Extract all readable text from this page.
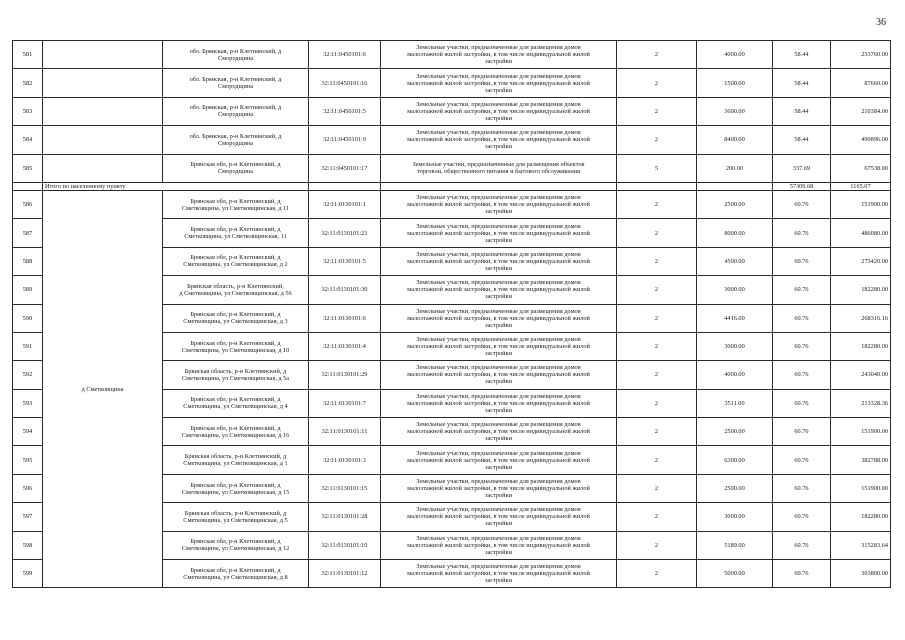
36
581		обл. Брянская, р-н Клетнянский, д
Смородщина	32:11:0450101:6	Земельные участки, предназначенные для размещения домов
малоэтажной жилой застройки, в том числе индивидуальной жилой
застройки	2	4000.00	58.44	233760.00	
582		обл. Брянская, р-н Клетнянский, д
Смородщина	32:11:0450101:16	Земельные участки, предназначенные для размещения домов
малоэтажной жилой застройки, в том числе индивидуальной жилой
застройки	2	1500.00	58.44	87660.00	
583		обл. Брянская, р-н Клетнянский, д
Смородщина	32:11:0450101:5	Земельные участки, предназначенные для размещения домов
малоэтажной жилой застройки, в том числе индивидуальной жилой
застройки	2	3600.00	58.44	210384.00	
584		обл. Брянская, р-н Клетнянский, д
Смородщина	32:11:0450101:9	Земельные участки, предназначенные для размещения домов
малоэтажной жилой застройки, в том числе индивидуальной жилой
застройки	2	8400.00	58.44	490896.00	
585		Брянская обл, р-н Клетнянский, д
Смородщина	32:11:0450101:17	Земельные участки, предназначенные для размещения объектов
торговли, общественного питания и бытового обслуживания	5	200.00	337.69	67538.00	
	Итого по населенному пункту						57309.68	1165.07	
586	д Сметковщина	Брянская обл, р-н Клетнянский, д
Сметковщина, ул Сметковщинская, д 11	32:11:0130101:1	Земельные участки, предназначенные для размещения домов
малоэтажной жилой застройки, в том числе индивидуальной жилой
застройки	2	2500.00	60.76	151900.00	
587		Брянская обл, р-н Клетнянский, д
Сметковщина, ул Сметковщинская, 11	32:11:0130101:23	Земельные участки, предназначенные для размещения домов
малоэтажной жилой застройки, в том числе индивидуальной жилой
застройки	2	8000.00	60.76	486080.00	
588		Брянская обл, р-н Клетнянский, д
Сметковщина, ул Сметковщинская, д 2	32:11:0130101:5	Земельные участки, предназначенные для размещения домов
малоэтажной жилой застройки, в том числе индивидуальной жилой
застройки	2	4500.00	60.76	273420.00	
589		Брянская область, р-н Клетнянский,
д Сметковщина, ул Сметковщинская, д 56	32:11:0130101:30	Земельные участки, предназначенные для размещения домов
малоэтажной жилой застройки, в том числе индивидуальной жилой
застройки	2	3000.00	60.76	182280.00	
590		Брянская обл, р-н Клетнянский, д
Сметковщина, ул Сметковщинская, д 3	32:11:0130101:6	Земельные участки, предназначенные для размещения домов
малоэтажной жилой застройки, в том числе индивидуальной жилой
застройки	2	4416.00	60.76	268316.16	
591		Брянская обл, р-н Клетнянский, д
Сметковщина, ул Сметковщинская, д 10	32:11:0130101:4	Земельные участки, предназначенные для размещения домов
малоэтажной жилой застройки, в том числе индивидуальной жилой
застройки	2	3000.00	60.76	182280.00	
592		Брянская область, р-н Клетнянский, д
Сметковщина, ул Сметковщинская, д 5а	32:11:0130101:29	Земельные участки, предназначенные для размещения домов
малоэтажной жилой застройки, в том числе индивидуальной жилой
застройки	2	4000.00	60.76	243040.00	
593		Брянская обл, р-н Клетнянский, д
Сметковщина, ул Сметковщинская, д 4	32:11:0130101:7	Земельные участки, предназначенные для размещения домов
малоэтажной жилой застройки, в том числе индивидуальной жилой
застройки	2	3511.00	60.76	213328.36	
594		Брянская обл, р-н Клетнянский, д
Сметковщина, ул Сметковщинская, д 16	32:11:0130101:11	Земельные участки, предназначенные для размещения домов
малоэтажной жилой застройки, в том числе индивидуальной жилой
застройки	2	2500.00	60.76	151900.00	
595		Брянская область, р-н Клетнянский, д
Сметковщина, ул Сметковщинская, д 1	32:11:0130101:3	Земельные участки, предназначенные для размещения домов
малоэтажной жилой застройки, в том числе индивидуальной жилой
застройки	2	6300.00	60.76	382788.00	
596		Брянская обл, р-н Клетнянский, д
Сметковщина, ул Сметковщинская, д 15	32:11:0130101:15	Земельные участки, предназначенные для размещения домов
малоэтажной жилой застройки, в том числе индивидуальной жилой
застройки	2	2500.00	60.76	151900.00	
597		Брянская область, р-н Клетнянский, д
Сметковщина, ул Сметковщинская, д 5	32:11:0130101:28	Земельные участки, предназначенные для размещения домов
малоэтажной жилой застройки, в том числе индивидуальной жилой
застройки	2	3000.00	60.76	182280.00	
598		Брянская обл, р-н Клетнянский, д
Сметковщина, ул Сметковщинская, д 12	32:11:0130101:10	Земельные участки, предназначенные для размещения домов
малоэтажной жилой застройки, в том числе индивидуальной жилой
застройки	2	5189.00	60.76	315283.64	
599		Брянская обл, р-н Клетнянский, д
Сметковщина, ул Сметковщинская, д 8	32:11:0130101:12	Земельные участки, предназначенные для размещения домов
малоэтажной жилой застройки, в том числе индивидуальной жилой
застройки	2	5000.00	60.76	303800.00	
